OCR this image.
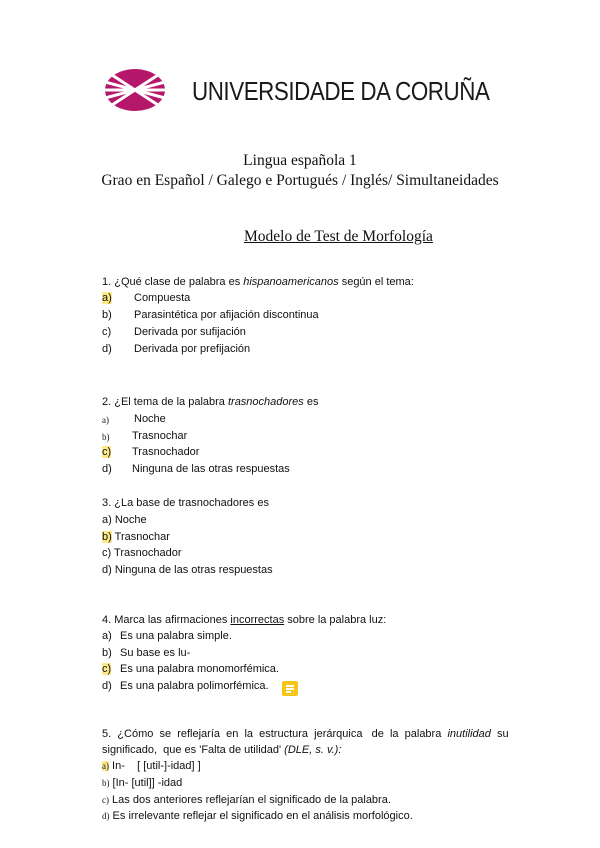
UNIVERSIDADE DA CORUÑA
Lingua española 1
Grao en Español / Galego e Portugués / Inglés/ Simultaneidades
Modelo de Test de Morfología
1. ¿Qué clase de palabra es hispanoamericanos según el tema:
a) Compuesta
b) Parasintética por afijación discontinua
c) Derivada por sufijación
d) Derivada por prefijación
2. ¿El tema de la palabra trasnochadores es
a) Noche
b) Trasnochar
c) Trasnochador
d) Ninguna de las otras respuestas
3. ¿La base de trasnochadores es
a) Noche
b) Trasnochar
c) Trasnochador
d) Ninguna de las otras respuestas
4. Marca las afirmaciones incorrectas sobre la palabra luz:
a) Es una palabra simple.
b) Su base es lu-
c) Es una palabra monomorfémica.
d) Es una palabra polimorfémica.
5.  ¿Cómo  se  reflejaría  en  la  estructura  jerárquica   de  la  palabra  inutilidad  su
significado,  que es 'Falta de utilidad' (DLE, s. v.):
a) In-    [ [util-]-idad] ]
b) [In- [util]] -idad
c) Las dos anteriores reflejarían el significado de la palabra.
d) Es irrelevante reflejar el significado en el análisis morfológico.
